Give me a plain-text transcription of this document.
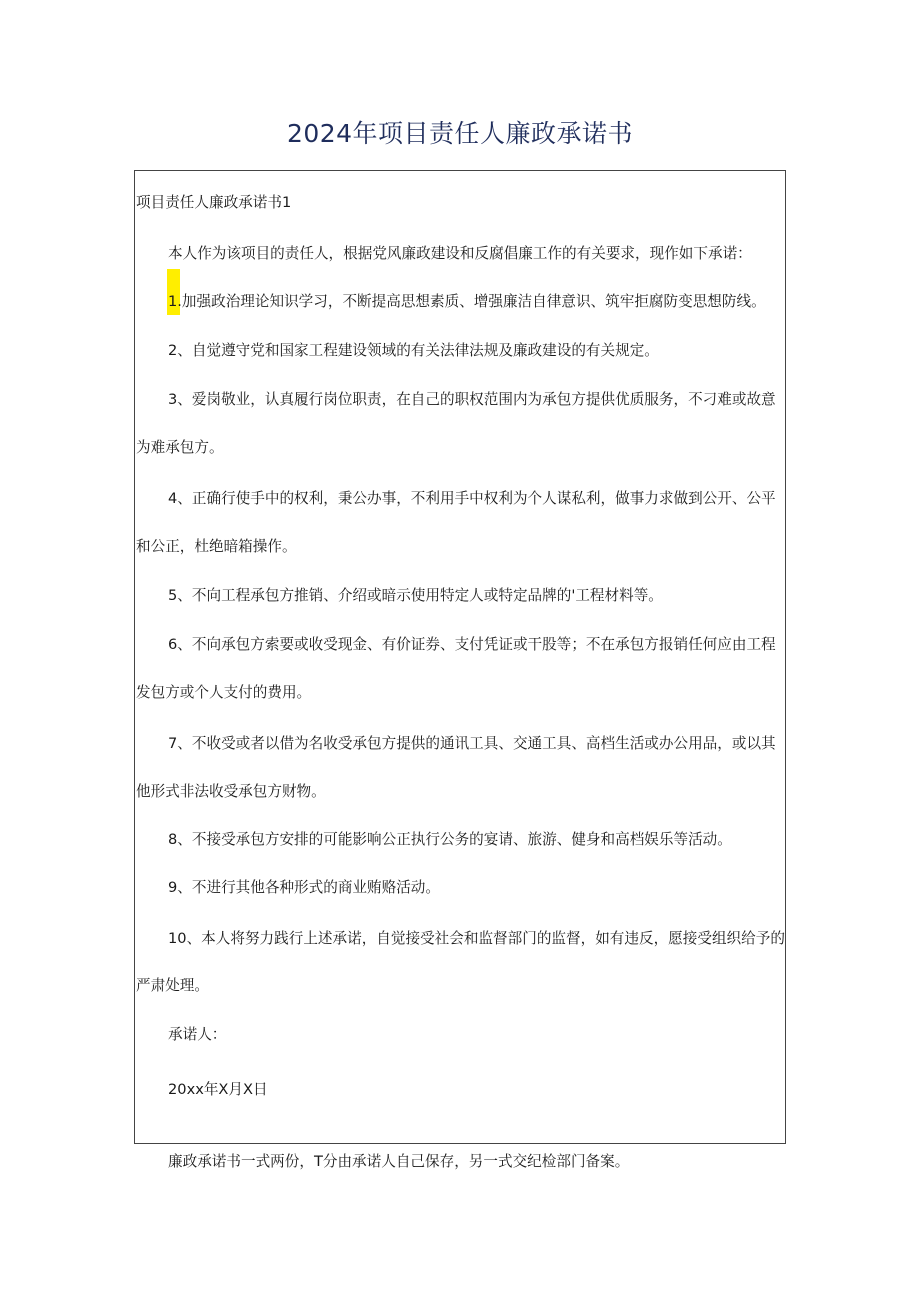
2024年项目责任人廉政承诺书
项目责任人廉政承诺书1
本人作为该项目的责任人，根据党风廉政建设和反腐倡廉工作的有关要求，现作如下承诺：
1.加强政治理论知识学习，不断提高思想素质、增强廉洁自律意识、筑牢拒腐防变思想防线。
2、自觉遵守党和国家工程建设领域的有关法律法规及廉政建设的有关规定。
3、爱岗敬业，认真履行岗位职责，在自己的职权范围内为承包方提供优质服务，不刁难或故意
为难承包方。
4、正确行使手中的权利，秉公办事，不利用手中权利为个人谋私利，做事力求做到公开、公平
和公正，杜绝暗箱操作。
5、不向工程承包方推销、介绍或暗示使用特定人或特定品牌的'工程材料等。
6、不向承包方索要或收受现金、有价证券、支付凭证或干股等；不在承包方报销任何应由工程
发包方或个人支付的费用。
7、不收受或者以借为名收受承包方提供的通讯工具、交通工具、高档生活或办公用品，或以其
他形式非法收受承包方财物。
8、不接受承包方安排的可能影响公正执行公务的宴请、旅游、健身和高档娱乐等活动。
9、不进行其他各种形式的商业贿赂活动。
10、本人将努力践行上述承诺，自觉接受社会和监督部门的监督，如有违反，愿接受组织给予的
严肃处理。
承诺人：
20xx年X月X日
廉政承诺书一式两份，T分由承诺人自己保存，另一式交纪检部门备案。
